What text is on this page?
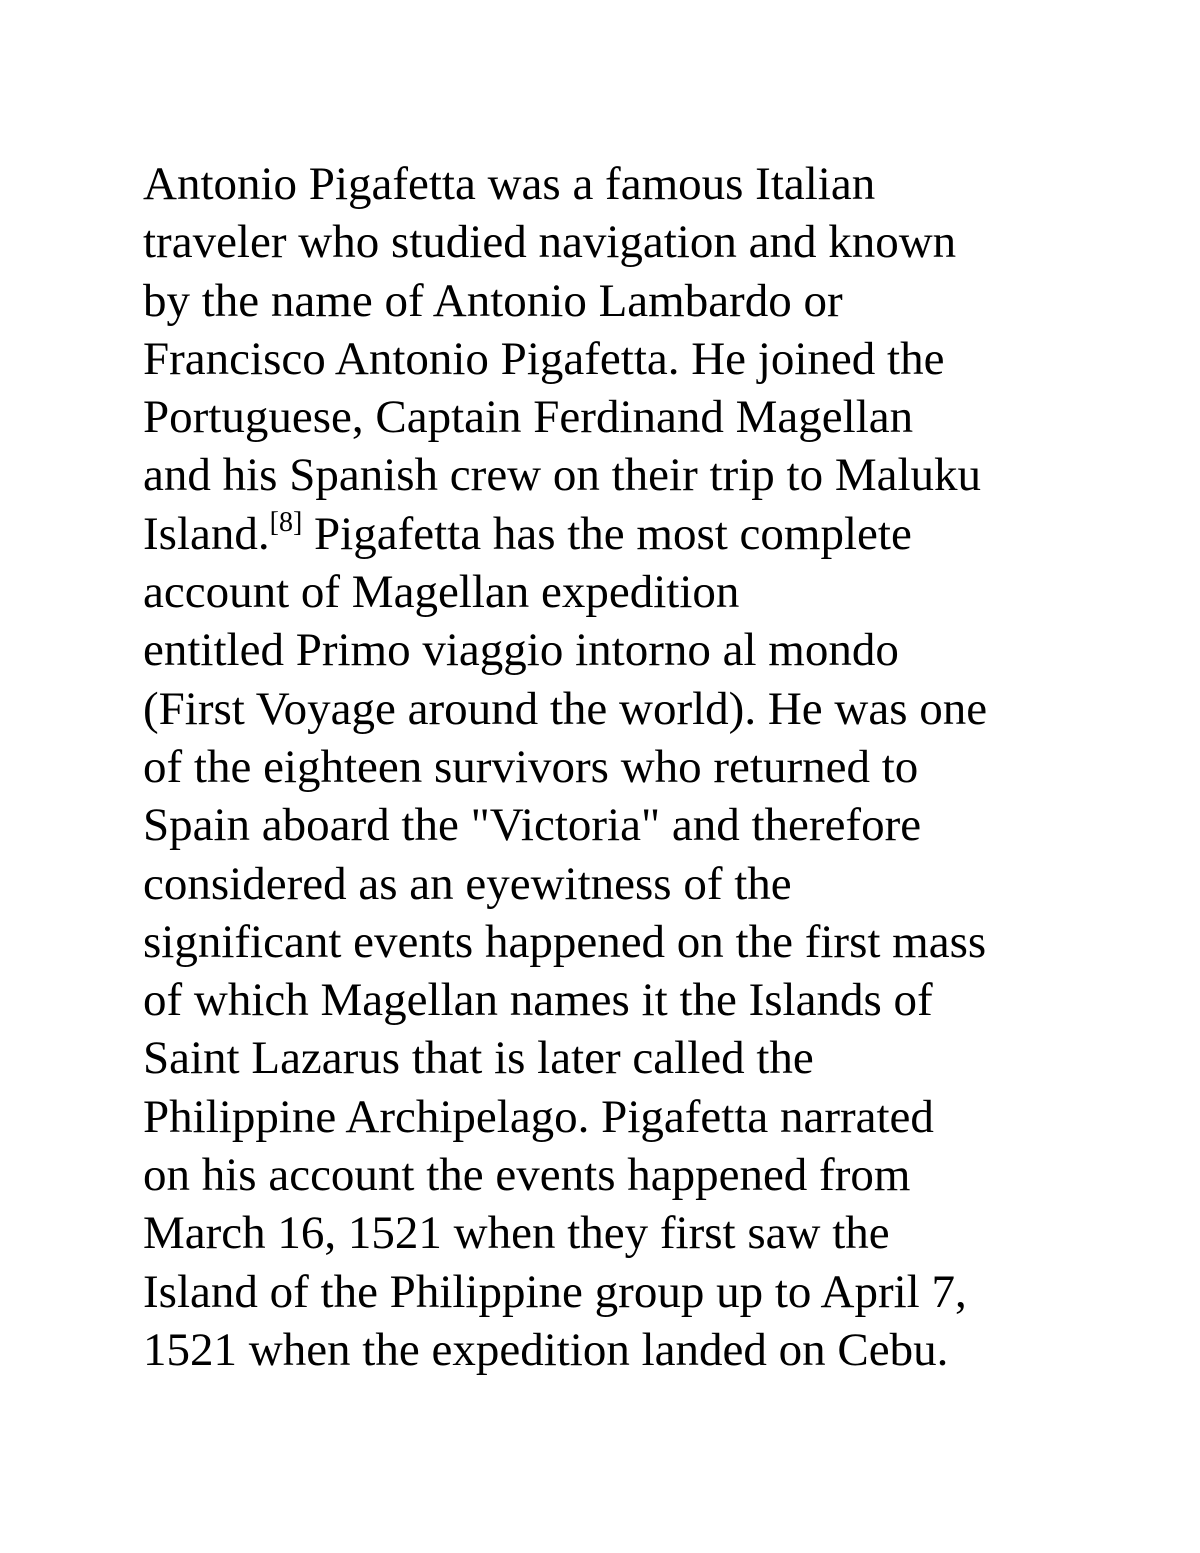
Antonio Pigafetta was a famous Italian
traveler who studied navigation and known
by the name of Antonio Lambardo or
Francisco Antonio Pigafetta. He joined the
Portuguese, Captain Ferdinand Magellan
and his Spanish crew on their trip to Maluku
Island.[8] Pigafetta has the most complete
account of Magellan expedition
entitled Primo viaggio intorno al mondo
(First Voyage around the world). He was one
of the eighteen survivors who returned to
Spain aboard the "Victoria" and therefore
considered as an eyewitness of the
significant events happened on the first mass
of which Magellan names it the Islands of
Saint Lazarus that is later called the
Philippine Archipelago. Pigafetta narrated
on his account the events happened from
March 16, 1521 when they first saw the
Island of the Philippine group up to April 7,
1521 when the expedition landed on Cebu.
